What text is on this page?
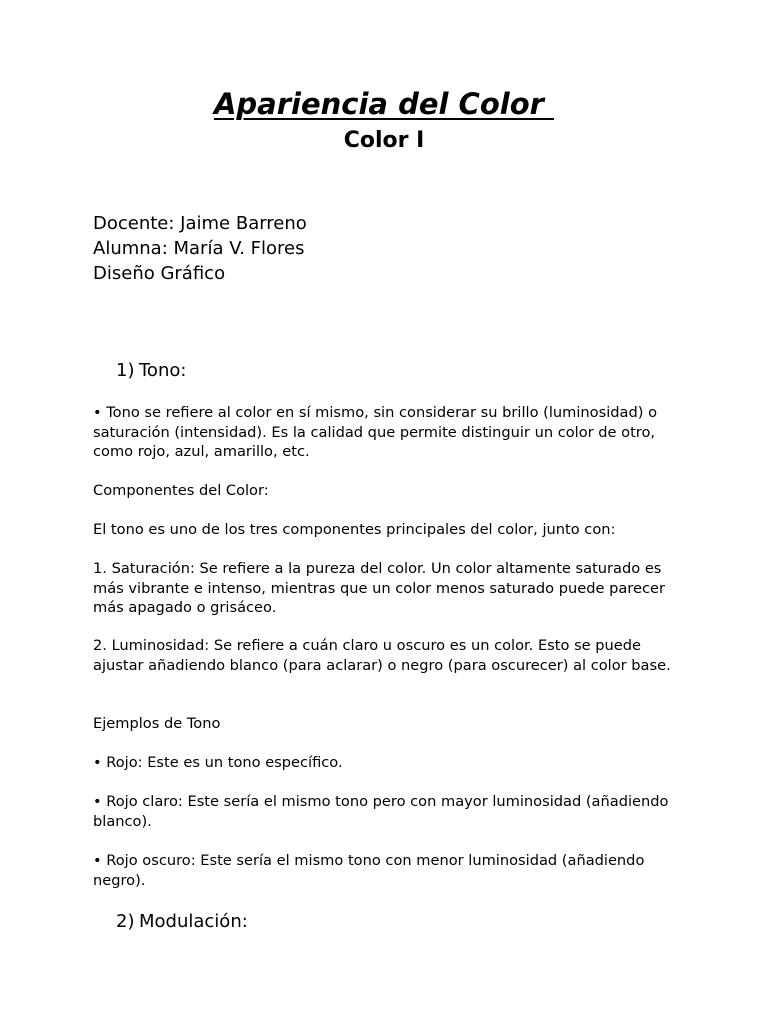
Apariencia del Color
Color I
Docente: Jaime Barreno
Alumna: María V. Flores
Diseño Gráfico
1) Tono:
• Tono se refiere al color en sí mismo, sin considerar su brillo (luminosidad) o saturación (intensidad). Es la calidad que permite distinguir un color de otro, como rojo, azul, amarillo, etc.
Componentes del Color:
El tono es uno de los tres componentes principales del color, junto con:
1. Saturación: Se refiere a la pureza del color. Un color altamente saturado es más vibrante e intenso, mientras que un color menos saturado puede parecer más apagado o grisáceo.
2. Luminosidad: Se refiere a cuán claro u oscuro es un color. Esto se puede ajustar añadiendo blanco (para aclarar) o negro (para oscurecer) al color base.
Ejemplos de Tono
• Rojo: Este es un tono específico.
• Rojo claro: Este sería el mismo tono pero con mayor luminosidad (añadiendo blanco).
• Rojo oscuro: Este sería el mismo tono con menor luminosidad (añadiendo negro).
2) Modulación:
